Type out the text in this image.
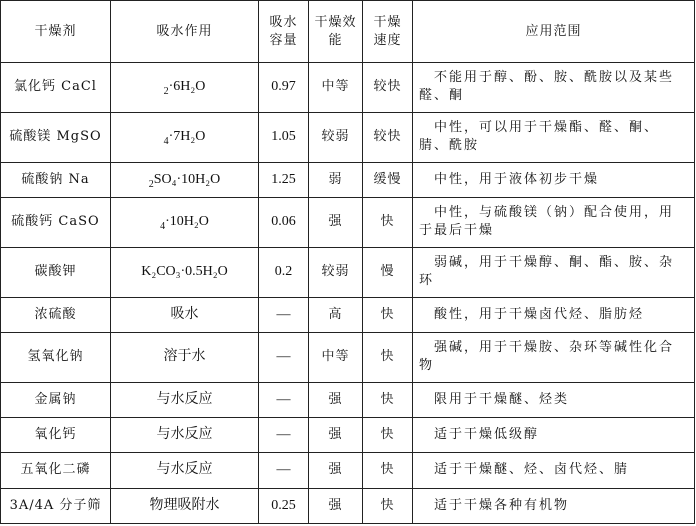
干燥剂	吸水作用	吸水容量	干燥效能	干燥速度	应用范围
氯化钙 CaCl	$_2$·6H₂O	0.97	中等	较快	　不能用于醇、酚、胺、酰胺以及某些醛、酮
硫酸镁 MgSO	$_4$·7H₂O	1.05	较弱	较快	　中性，可以用于干燥酯、醛、酮、腈、酰胺
硫酸钠 Na	$_2$SO₄·10H₂O	1.25	弱	缓慢	　中性，用于液体初步干燥
硫酸钙 CaSO	$_4$·10H₂O	0.06	强	快	　中性，与硫酸镁（钠）配合使用，用于最后干燥
碳酸钾	K₂CO₃·0.5H₂O	0.2	较弱	慢	　弱碱，用于干燥醇、酮、酯、胺、杂环
浓硫酸	吸水	—	高	快	　酸性，用于干燥卤代烃、脂肪烃
氢氧化钠	溶于水	—	中等	快	　强碱，用于干燥胺、杂环等碱性化合物
金属钠	与水反应	—	强	快	　限用于干燥醚、烃类
氧化钙	与水反应	—	强	快	　适于干燥低级醇
五氧化二磷	与水反应	—	强	快	　适于干燥醚、烃、卤代烃、腈
3A/4A 分子筛	物理吸附水	0.25	强	快	　适于干燥各种有机物
